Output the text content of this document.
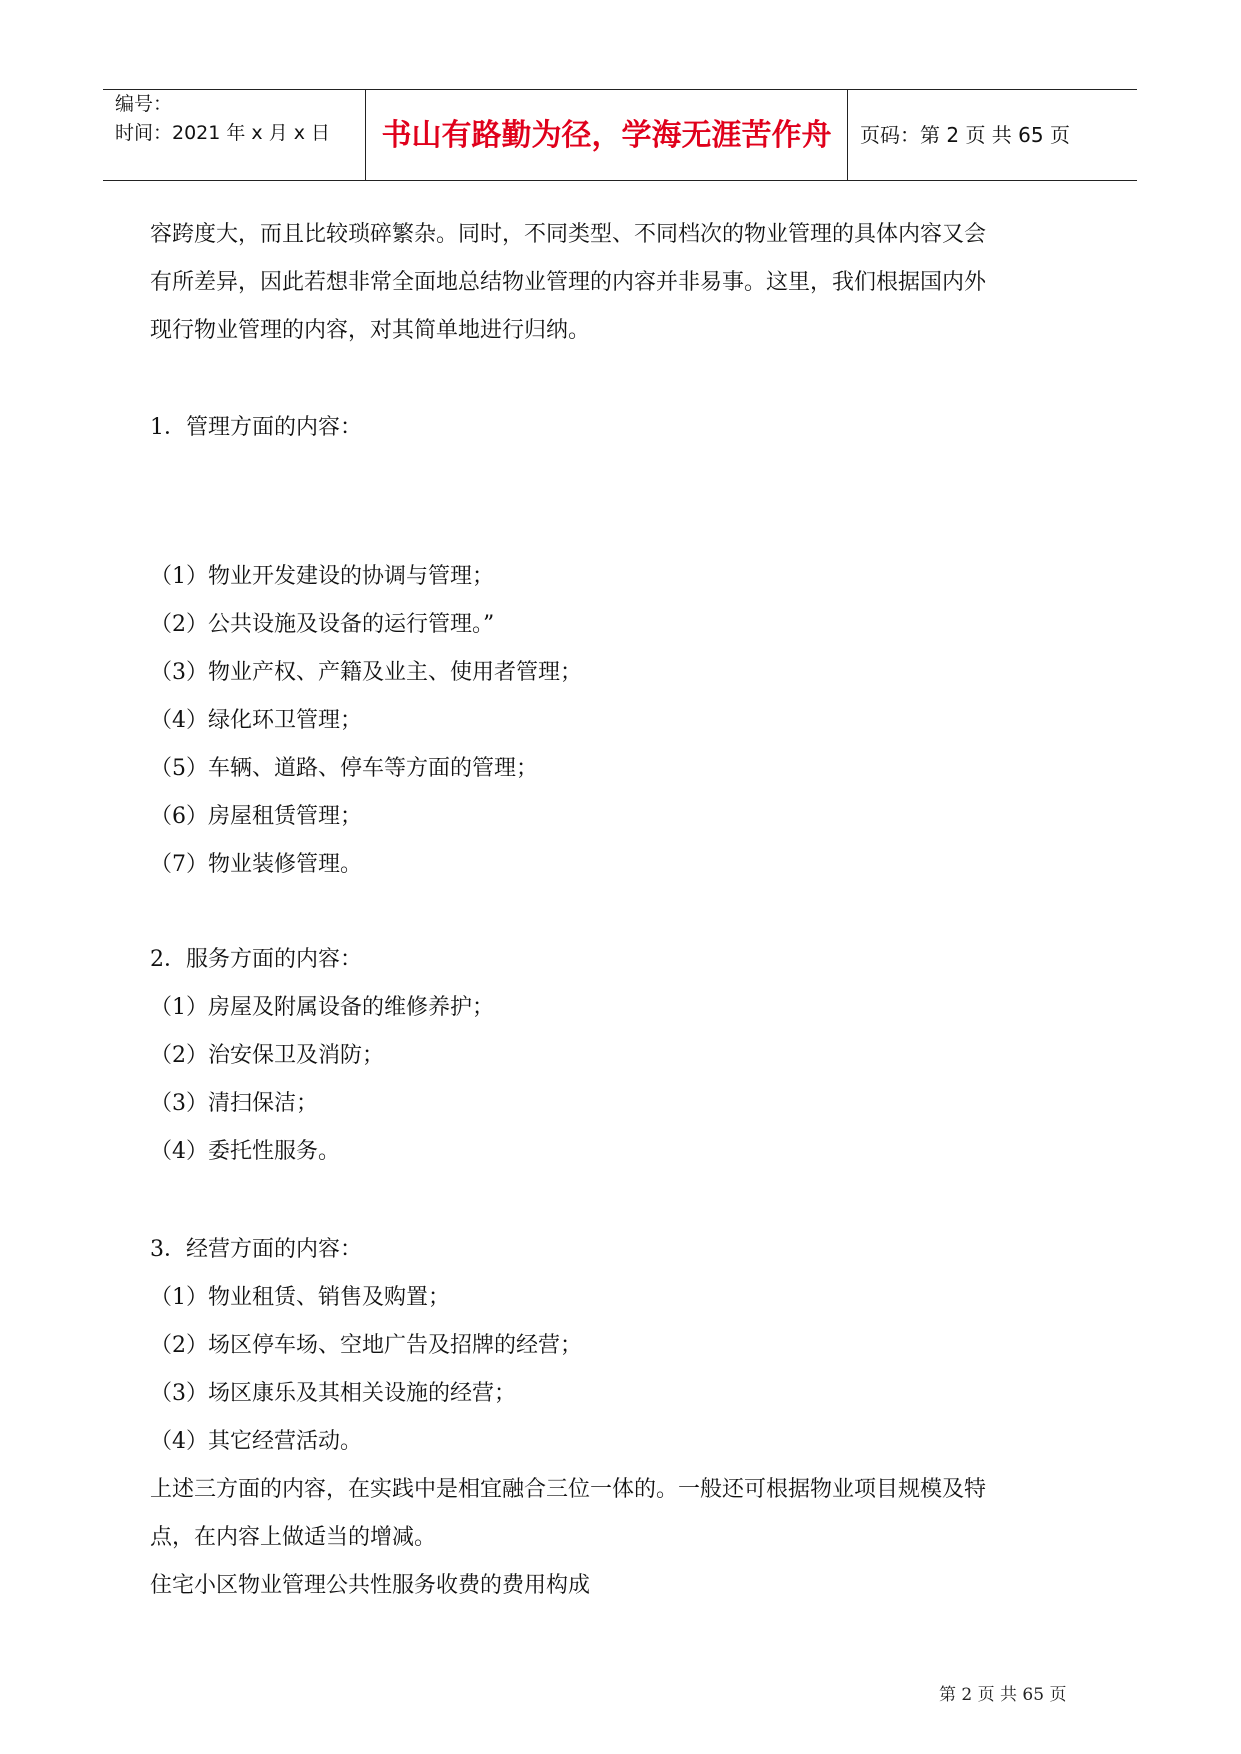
编号：
时间：2021 年 x 月 x 日	书山有路勤为径，学海无涯苦作舟	页码：第 2 页 共 65 页
容跨度大，而且比较琐碎繁杂。同时，不同类型、不同档次的物业管理的具体内容又会
有所差异，因此若想非常全面地总结物业管理的内容并非易事。这里，我们根据国内外
现行物业管理的内容，对其简单地进行归纳。
1．管理方面的内容：
（1）物业开发建设的协调与管理；
（2）公共设施及设备的运行管理。”
（3）物业产权、产籍及业主、使用者管理；
（4）绿化环卫管理；
（5）车辆、道路、停车等方面的管理；
（6）房屋租赁管理；
（7）物业装修管理。
2．服务方面的内容：
（1）房屋及附属设备的维修养护；
（2）治安保卫及消防；
（3）清扫保洁；
（4）委托性服务。
3．经营方面的内容：
（1）物业租赁、销售及购置；
（2）场区停车场、空地广告及招牌的经营；
（3）场区康乐及其相关设施的经营；
（4）其它经营活动。
上述三方面的内容，在实践中是相宜融合三位一体的。一般还可根据物业项目规模及特
点，在内容上做适当的增减。
住宅小区物业管理公共性服务收费的费用构成
第 2 页 共 65 页
